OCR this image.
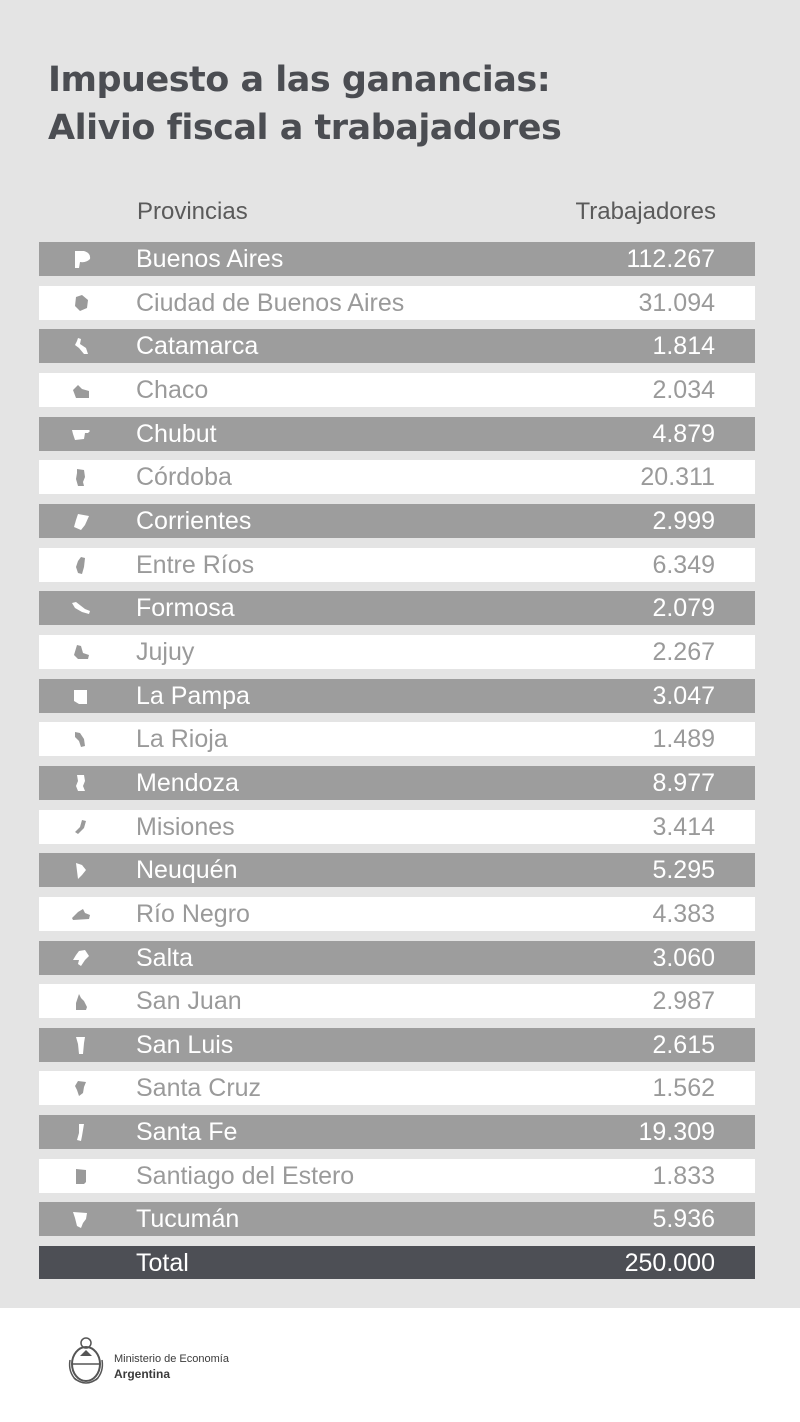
Impuesto a las ganancias:
Alivio fiscal a trabajadores
Provincias	Trabajadores
Buenos Aires	112.267
Ciudad de Buenos Aires	31.094
Catamarca	1.814
Chaco	2.034
Chubut	4.879
Córdoba	20.311
Corrientes	2.999
Entre Ríos	6.349
Formosa	2.079
Jujuy	2.267
La Pampa	3.047
La Rioja	1.489
Mendoza	8.977
Misiones	3.414
Neuquén	5.295
Río Negro	4.383
Salta	3.060
San Juan	2.987
San Luis	2.615
Santa Cruz	1.562
Santa Fe	19.309
Santiago del Estero	1.833
Tucumán	5.936
Total	250.000
Ministerio de Economía
Argentina
